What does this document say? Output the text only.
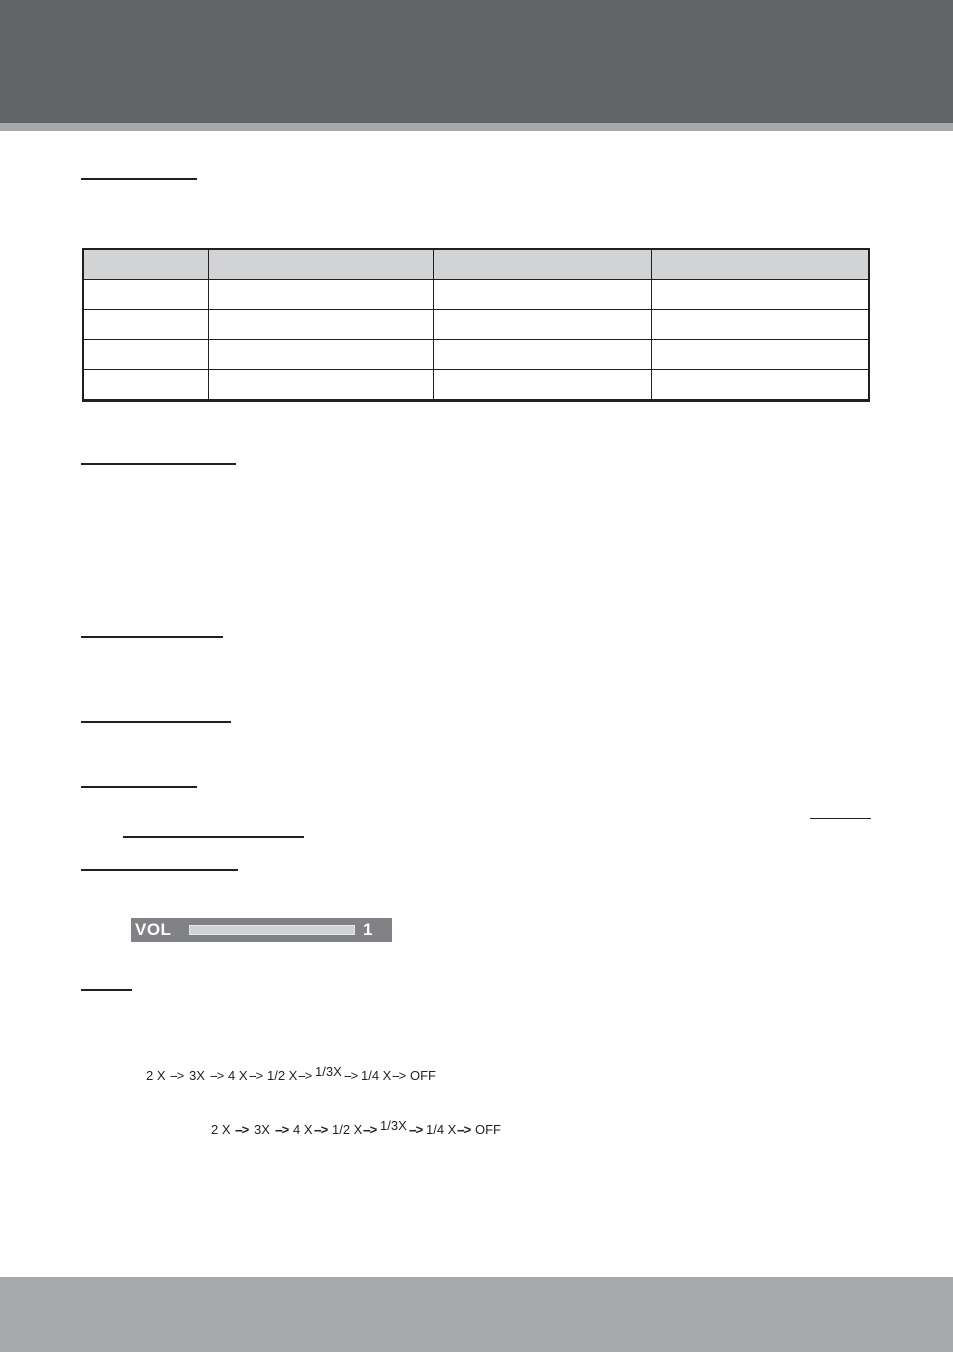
VOL	1
2 X --> 3X --> 4 X --> 1/2 X --> 1/3X --> 1/4 X --> OFF
2 X --> 3X --> 4 X --> 1/2 X --> 1/3X --> 1/4 X --> OFF
